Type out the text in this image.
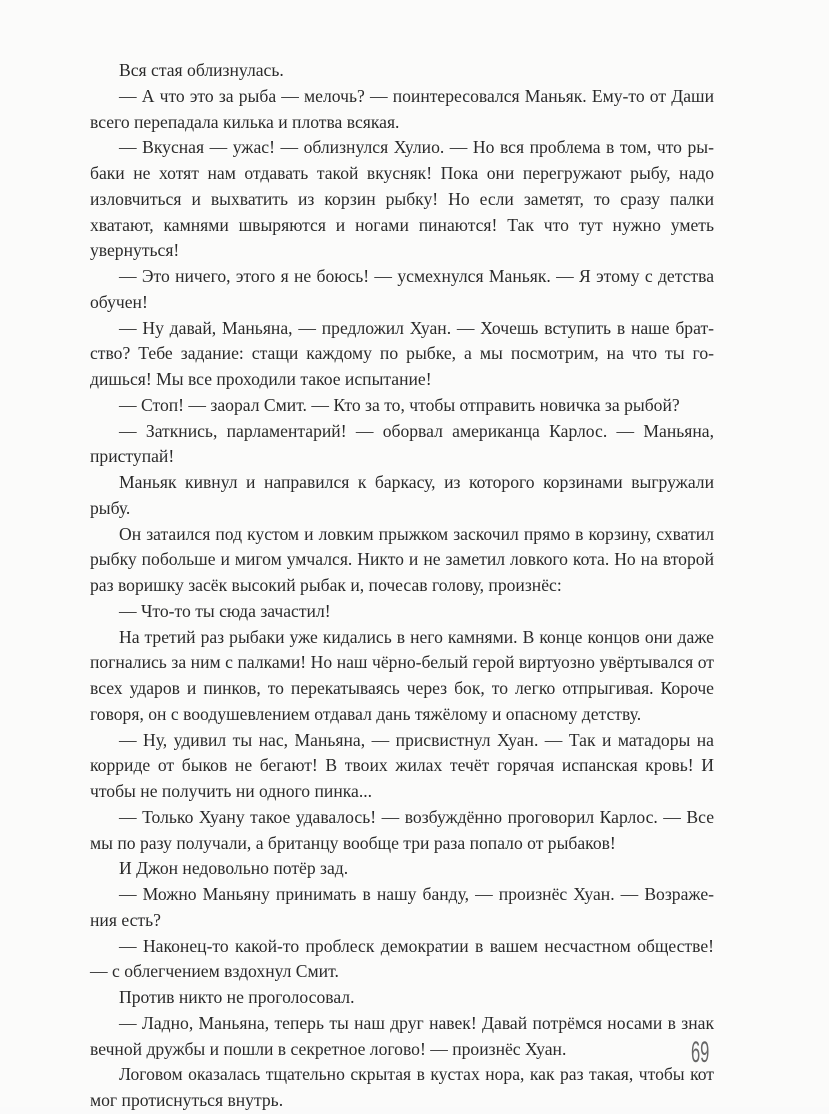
Вся стая облизнулась.

— А что это за рыба — мелочь? — поинтересовался Маньяк. Ему-то от Даши всего перепадала килька и плотва всякая.

— Вкусная — ужас! — облизнулся Хулио. — Но вся проблема в том, что рыбаки не хотят нам отдавать такой вкусняк! Пока они перегружают рыбу, надо изловчиться и выхватить из корзин рыбку! Но если заметят, то сразу палки хватают, камнями швыряются и ногами пинаются! Так что тут нужно уметь увернуться!

— Это ничего, этого я не боюсь! — усмехнулся Маньяк. — Я этому с детства обучен!

— Ну давай, Маньяна, — предложил Хуан. — Хочешь вступить в наше братство? Тебе задание: стащи каждому по рыбке, а мы посмотрим, на что ты годишься! Мы все проходили такое испытание!

— Стоп! — заорал Смит. — Кто за то, чтобы отправить новичка за рыбой?

— Заткнись, парламентарий! — оборвал американца Карлос. — Маньяна, приступай!

Маньяк кивнул и направился к баркасу, из которого корзинами выгружали рыбу.

Он затаился под кустом и ловким прыжком заскочил прямо в корзину, схватил рыбку побольше и мигом умчался. Никто и не заметил ловкого кота. Но на второй раз воришку засёк высокий рыбак и, почесав голову, произнёс:

— Что-то ты сюда зачастил!

На третий раз рыбаки уже кидались в него камнями. В конце концов они даже погнались за ним с палками! Но наш чёрно-белый герой виртуозно увёртывался от всех ударов и пинков, то перекатываясь через бок, то легко отпрыгивая. Короче говоря, он с воодушевлением отдавал дань тяжёлому и опасному детству.

— Ну, удивил ты нас, Маньяна, — присвистнул Хуан. — Так и матадоры на корриде от быков не бегают! В твоих жилах течёт горячая испанская кровь! И чтобы не получить ни одного пинка...

— Только Хуану такое удавалось! — возбуждённо проговорил Карлос. — Все мы по разу получали, а британцу вообще три раза попало от рыбаков!

И Джон недовольно потёр зад.

— Можно Маньяну принимать в нашу банду, — произнёс Хуан. — Возражения есть?

— Наконец-то какой-то проблеск демократии в вашем несчастном обществе! — с облегчением вздохнул Смит.

Против никто не проголосовал.

— Ладно, Маньяна, теперь ты наш друг навек! Давай потрёмся носами в знак вечной дружбы и пошли в секретное логово! — произнёс Хуан.

Логовом оказалась тщательно скрытая в кустах нора, как раз такая, чтобы кот мог протиснуться внутрь.

69
